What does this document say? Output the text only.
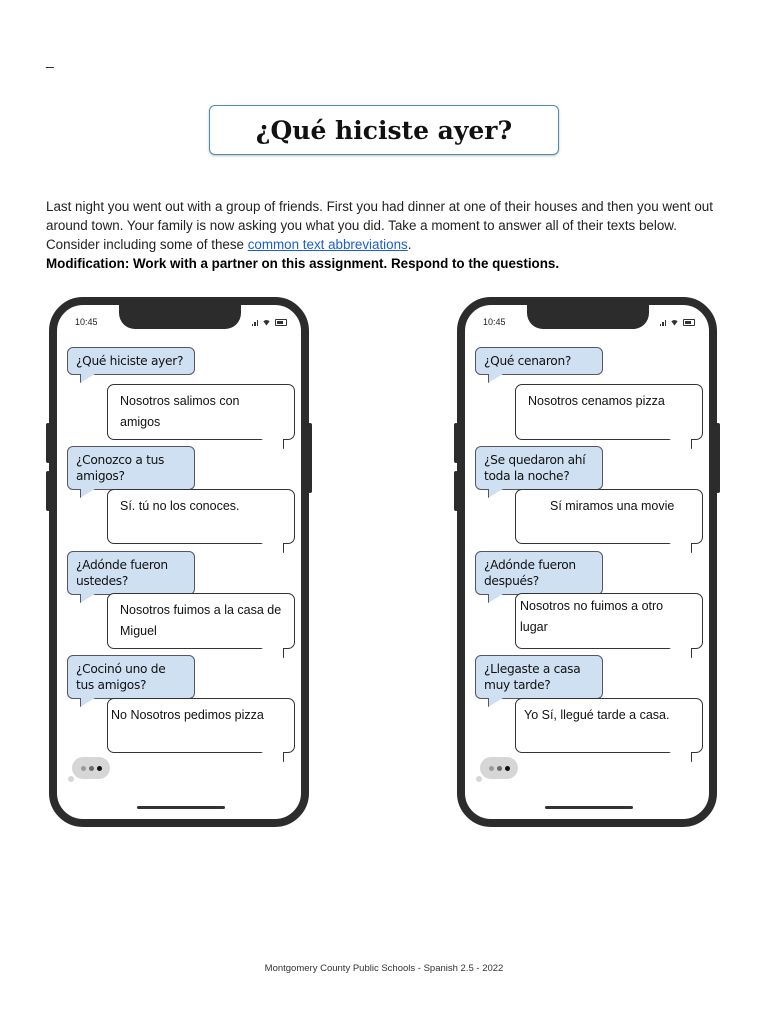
_
¿Qué hiciste ayer?
Last night you went out with a group of friends. First you had dinner at one of their houses and then you went out around town. Your family is now asking you what you did. Take a moment to answer all of their texts below. Consider including some of these common text abbreviations.
Modification: Work with a partner on this assignment. Respond to the questions.
10:45
¿Qué hiciste ayer?
Nosotros salimos con amigos
¿Conozco a tus amigos?
Sí. tú no los conoces.
¿Adónde fueron ustedes?
Nosotros fuimos a la casa de Miguel
¿Cocinó uno de tus amigos?
No Nosotros pedimos pizza
10:45
¿Qué cenaron?
Nosotros cenamos pizza
¿Se quedaron ahí toda la noche?
Sí miramos una movie
¿Adónde fueron después?
Nosotros no fuimos a otro lugar
¿Llegaste a casa muy tarde?
Yo Sí, llegué tarde a casa.
Montgomery County Public Schools - Spanish 2.5 - 2022
